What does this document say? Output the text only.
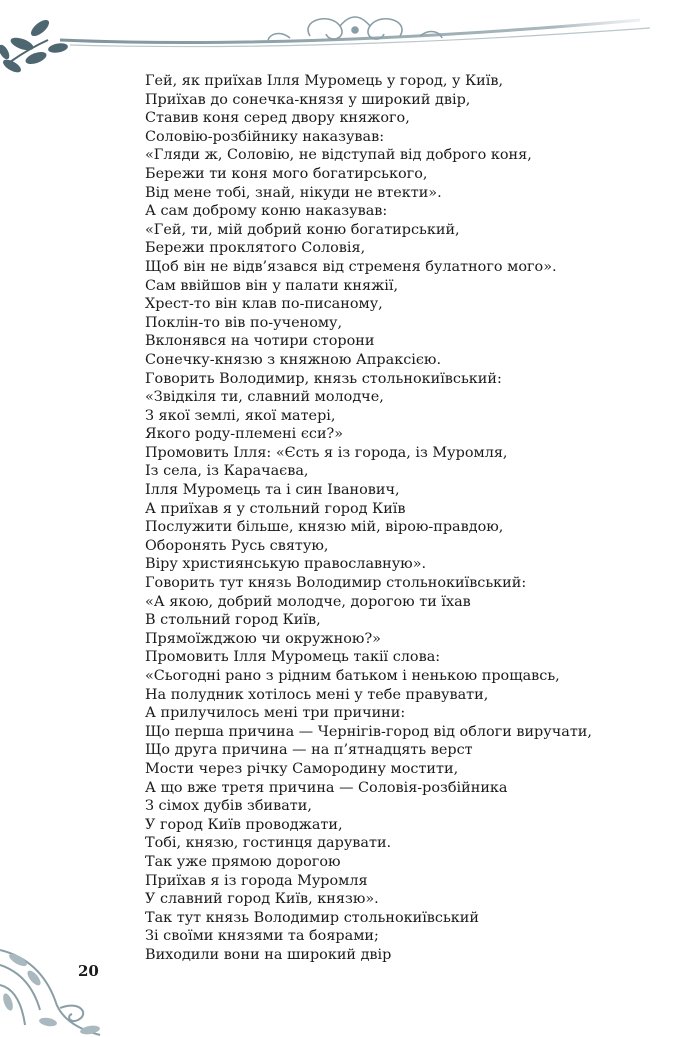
Гей, як приїхав Ілля Муромець у город, у Київ,
Приїхав до сонечка-князя у широкий двір,
Ставив коня серед двору княжого,
Соловію-розбійнику наказував:
«Гляди ж, Соловію, не відступай від доброго коня,
Бережи ти коня мого богатирського,
Від мене тобі, знай, нікуди не втекти».
А сам доброму коню наказував:
«Гей, ти, мій добрий коню богатирський,
Бережи проклятого Соловія,
Щоб він не відв’язався від стременя булатного мого».
Сам ввійшов він у палати княжії,
Хрест-то він клав по-писаному,
Поклін-то вів по-ученому,
Вклонявся на чотири сторони
Сонечку-князю з княжною Апраксією.
Говорить Володимир, князь стольнокиївський:
«Звідкіля ти, славний молодче,
З якої землі, якої матері,
Якого роду-племені єси?»
Промовить Ілля: «Єсть я із города, із Муромля,
Із села, із Карачаєва,
Ілля Муромець та і син Іванович,
А приїхав я у стольний город Київ
Послужити більше, князю мій, вірою-правдою,
Оборонять Русь святую,
Віру християнськую православную».
Говорить тут князь Володимир стольнокиївський:
«А якою, добрий молодче, дорогою ти їхав
В стольний город Київ,
Прямоїжджою чи окружною?»
Промовить Ілля Муромець такії слова:
«Сьогодні рано з рідним батьком і ненькою прощавсь,
На полудник хотілось мені у тебе правувати,
А прилучилось мені три причини:
Що перша причина — Чернігів-город від облоги виручати,
Що друга причина — на п’ятнадцять верст
Мости через річку Самородину мостити,
А що вже третя причина — Соловія-розбійника
З сімох дубів збивати,
У город Київ проводжати,
Тобі, князю, гостинця дарувати.
Так уже прямою дорогою
Приїхав я із города Муромля
У славний город Київ, князю».
Так тут князь Володимир стольнокиївський
Зі своїми князями та боярами;
Виходили вони на широкий двір
20
